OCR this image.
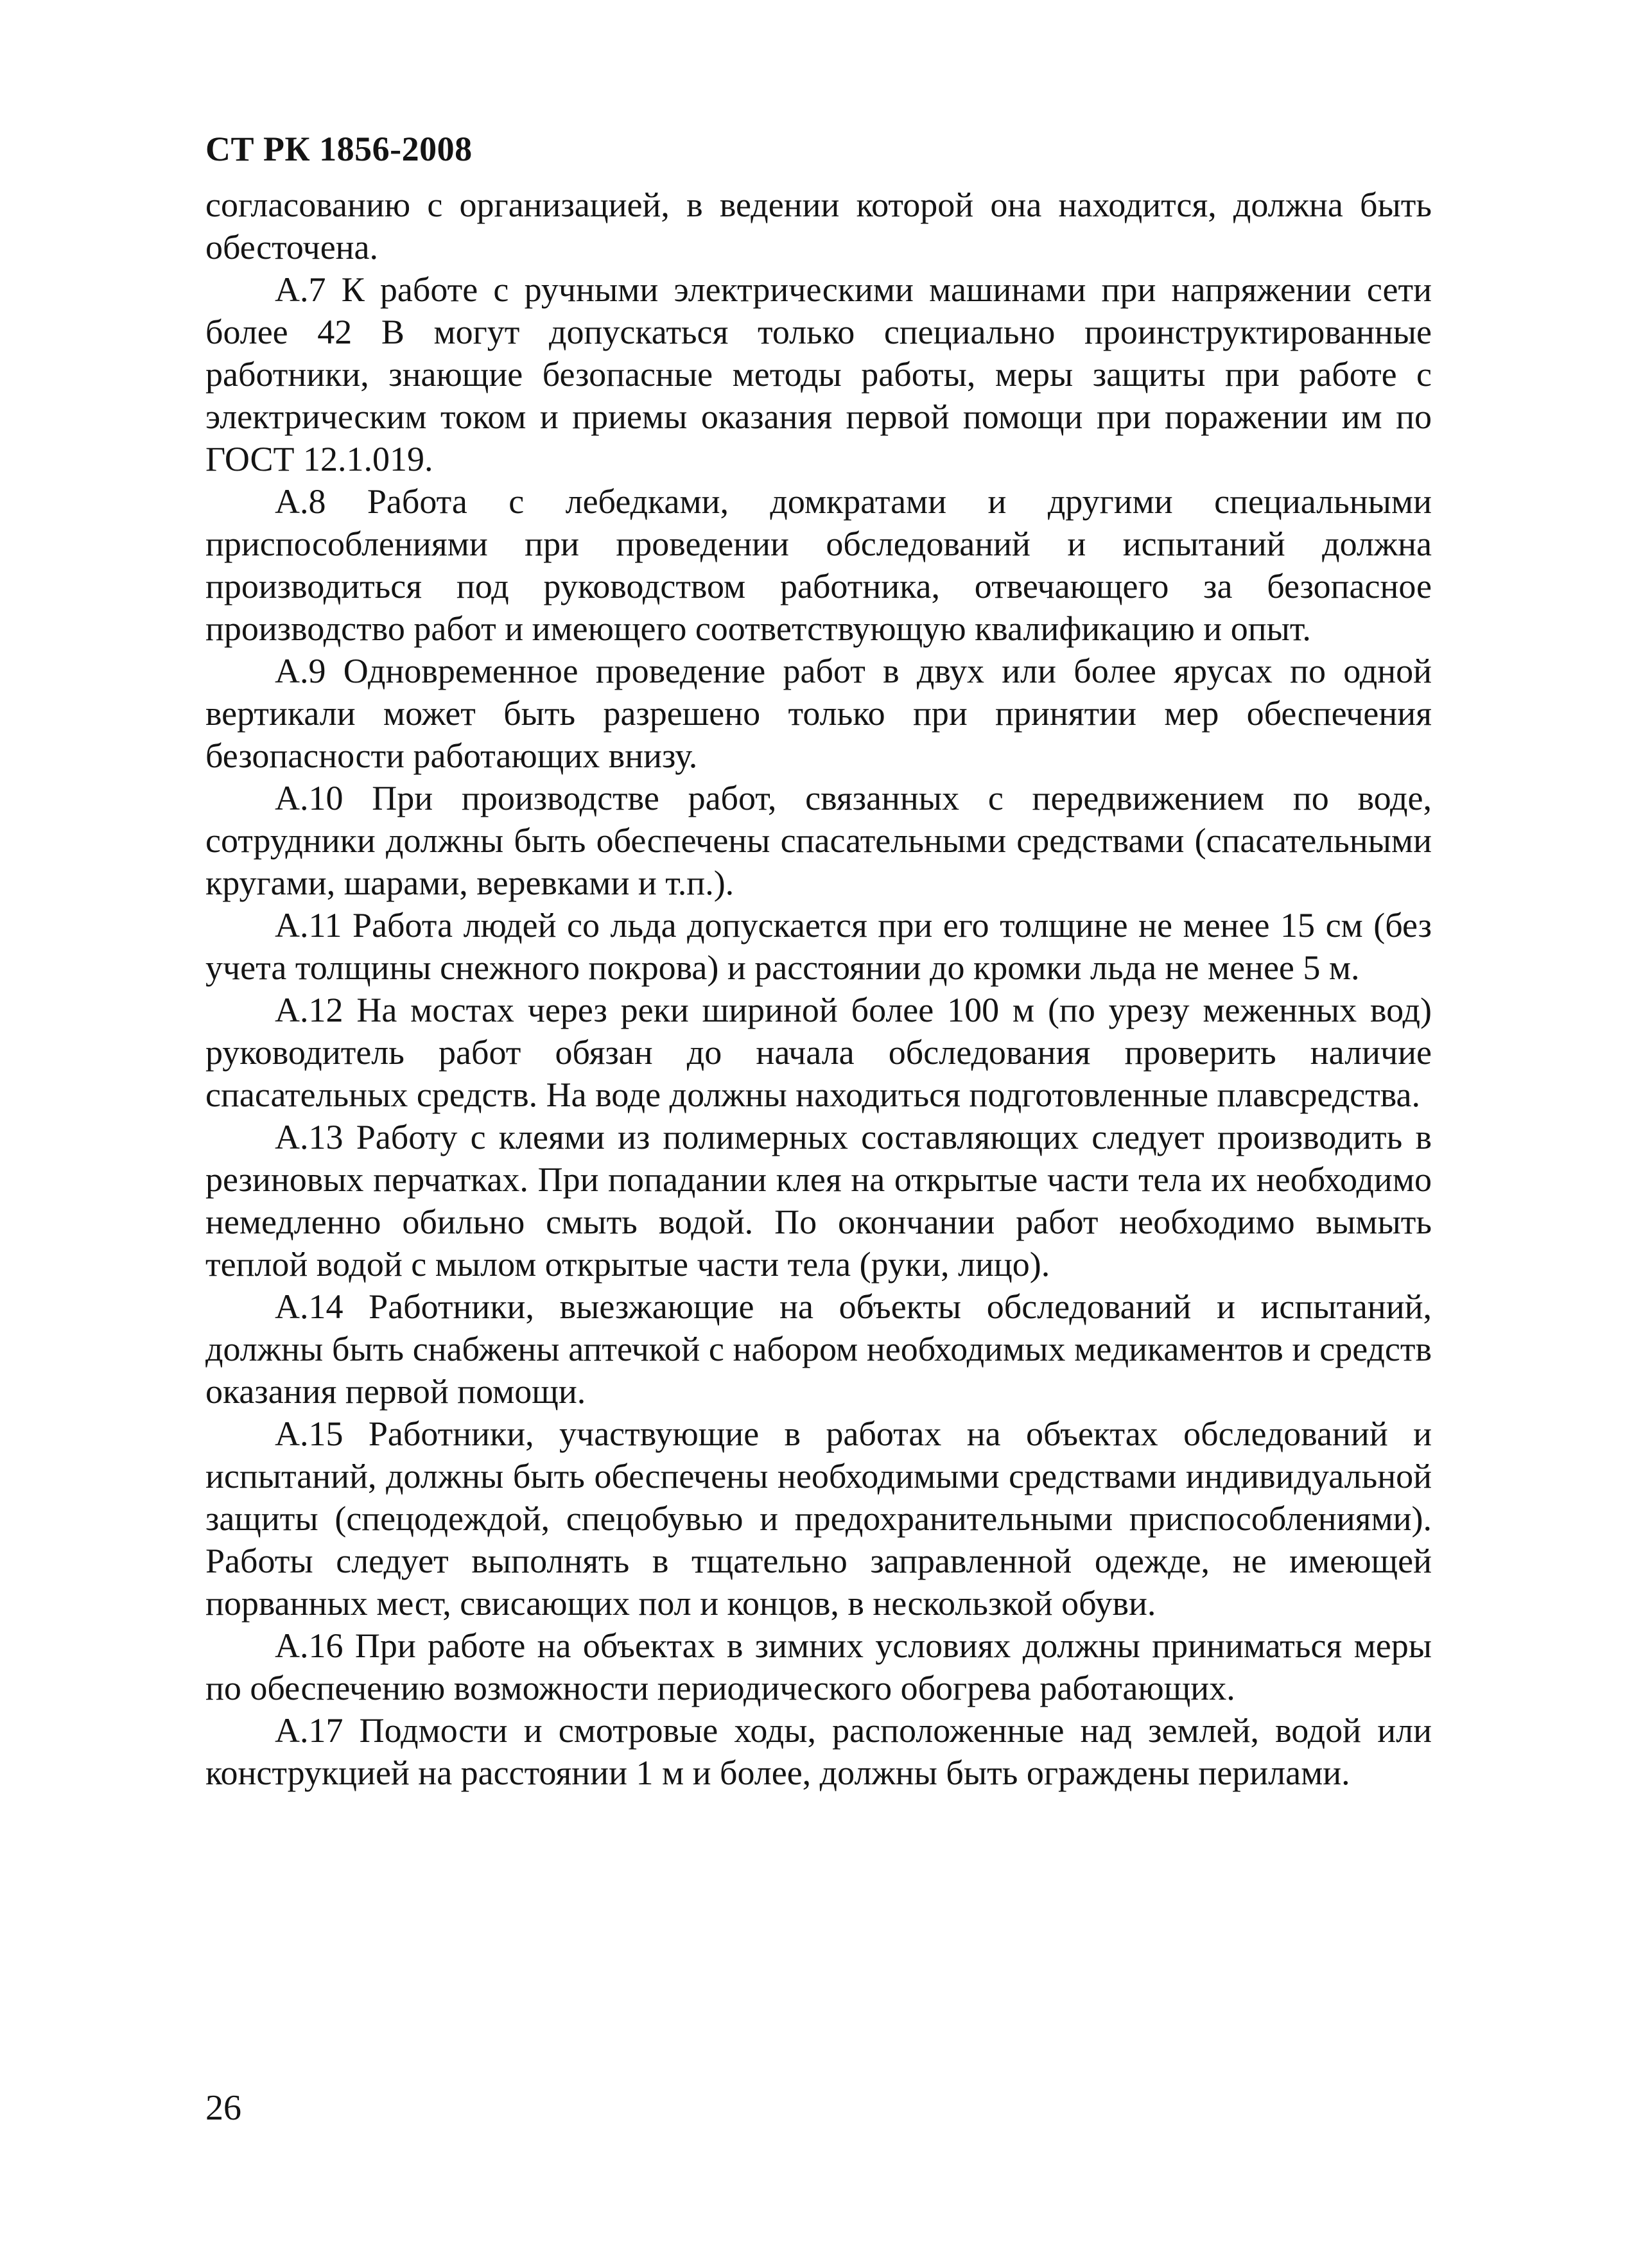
СТ РК 1856-2008

согласованию с организацией, в ведении которой она находится, должна быть обесточена.

А.7 К работе с ручными электрическими машинами при напряжении сети более 42 В могут допускаться только специально проинструктированные работники, знающие безопасные методы работы, меры защиты при работе с электрическим током и приемы оказания первой помощи при поражении им по ГОСТ 12.1.019.

А.8 Работа с лебедками, домкратами и другими специальными приспособлениями при проведении обследований и испытаний должна производиться под руководством работника, отвечающего за безопасное производство работ и имеющего соответствующую квалификацию и опыт.

А.9 Одновременное проведение работ в двух или более ярусах по одной вертикали может быть разрешено только при принятии мер обеспечения безопасности работающих внизу.

А.10 При производстве работ, связанных с передвижением по воде, сотрудники должны быть обеспечены спасательными средствами (спасательными кругами, шарами, веревками и т.п.).

А.11 Работа людей со льда допускается при его толщине не менее 15 см (без учета толщины снежного покрова) и расстоянии до кромки льда не менее 5 м.

А.12 На мостах через реки шириной более 100 м (по урезу меженных вод) руководитель работ обязан до начала обследования проверить наличие спасательных средств. На воде должны находиться подготовленные плавсредства.

А.13 Работу с клеями из полимерных составляющих следует производить в резиновых перчатках. При попадании клея на открытые части тела их необходимо немедленно обильно смыть водой. По окончании работ необходимо вымыть теплой водой с мылом открытые части тела (руки, лицо).

А.14 Работники, выезжающие на объекты обследований и испытаний, должны быть снабжены аптечкой с набором необходимых медикаментов и средств оказания первой помощи.

А.15 Работники, участвующие в работах на объектах обследований и испытаний, должны быть обеспечены необходимыми средствами индивидуальной защиты (спецодеждой, спецобувью и предохранительными приспособлениями). Работы следует выполнять в тщательно заправленной одежде, не имеющей порванных мест, свисающих пол и концов, в нескользкой обуви.

А.16 При работе на объектах в зимних условиях должны приниматься меры по обеспечению возможности периодического обогрева работающих.

А.17 Подмости и смотровые ходы, расположенные над землей, водой или конструкцией на расстоянии 1 м и более, должны быть ограждены перилами.

26
